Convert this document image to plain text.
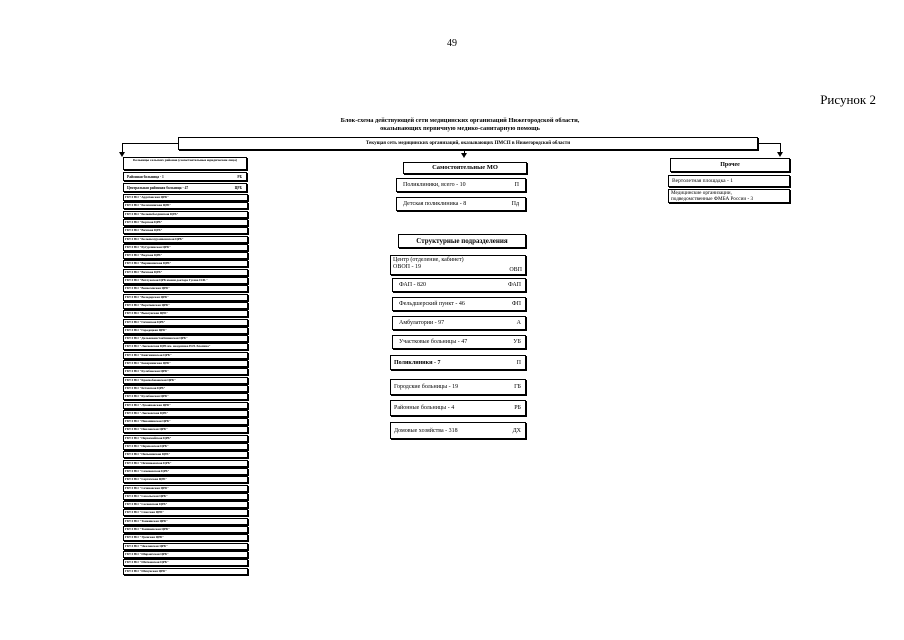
49
Рисунок 2
Блок-схема действующей сети медицинских организаций Нижегородской области,
оказывающих первичную медико-санитарную помощь
Текущая сеть медицинских организаций, оказывающих ПМСП в Нижегородской области
Больницы сельских районов (самостоятельные юридические лица)
Районная больница - 1	РБ
Центральная районная больница - 47	ЦРБ
ГБУЗ НО "Ардатовская ЦРБ"
ГБУЗ НО "Балахнинская ЦРБ"
ГБУЗ НО "Большеболдинская ЦРБ"
ГБУЗ НО "Борская ЦРБ"
ГБУЗ НО "Вачская ЦРБ"
ГБУЗ НО "Большемурашкинская ЦРБ"
ГБУЗ НО "Бутурлинская ЦРБ"
ГБУЗ НО "Вадская ЦРБ"
ГБУЗ НО "Варнавинская ЦРБ"
ГБУЗ НО "Вачская ЦРБ"
ГБУЗ НО "Ветлужская ЦРБ имени доктора Гусева П.Ф."
ГБУЗ НО "Вознесенская ЦРБ"
ГБУЗ НО "Володарская ЦРБ"
ГБУЗ НО "Воротынская ЦРБ"
ГБУЗ НО "Выксунская ЦРБ"
ГБУЗ НО "Гагинская ЦРБ"
ГБУЗ НО "Городецкая ЦРБ"
ГБУЗ НО "Дальнеконстантиновская ЦРБ"
ГБУЗ НО "Лысковская ЦРБ им. академика Н.Н. Блохина"
ГБУЗ НО "Княгининская ЦРБ"
ГБУЗ НО "Ковернинская ЦРБ"
ГБУЗ НО "Кулебакская ЦРБ"
ГБУЗ НО "Краснобаковская ЦРБ"
ГБУЗ НО "Кстовская ЦРБ"
ГБУЗ НО "Кулебакская ЦРБ"
ГБУЗ НО "Лукояновская ЦРБ"
ГБУЗ НО "Лысковская ЦРБ"
ГБУЗ НО "Навашинская ЦРБ"
ГБУЗ НО "Павловская ЦРБ"
ГБУЗ НО "Первомайская ЦРБ"
ГБУЗ НО "Перевозская ЦРБ"
ГБУЗ НО "Пильнинская ЦРБ"
ГБУЗ НО "Починковская ЦРБ"
ГБУЗ НО "Семеновская ЦРБ"
ГБУЗ НО "Сергачская ЦРБ"
ГБУЗ НО "Сеченовская ЦРБ"
ГБУЗ НО "Сокольская ЦРБ"
ГБУЗ НО "Сосновская ЦРБ"
ГБУЗ НО "Спасская ЦРБ"
ГБУЗ НО "Тонкинская ЦРБ"
ГБУЗ НО "Тоншаевская ЦРБ"
ГБУЗ НО "Уренская ЦРБ"
ГБУЗ НО "Чкаловская ЦРБ"
ГБУЗ НО "Шарангская ЦРБ"
ГБУЗ НО "Шатковская ЦРБ"
ГБУЗ НО "Шахунская ЦРБ"
Самостоятельные МО
Поликлиники, всего - 10	П
Детская поликлиника - 8	Пд
Структурные подразделения
Центр (отделение, кабинет)
ОВОП - 19	ОВП
ФАП - 820	ФАП
Фельдшерский пункт - 46	ФП
Амбулатории - 97	А
Участковые больницы - 47	УБ
Поликлиники - 7	П
Городские больницы - 19	ГБ
Районные больницы - 4	РБ
Домовые хозяйства - 318	ДХ
Прочее
Вертолетная площадка - 1
Медицинские организации,
подведомственные ФМБА России - 3
